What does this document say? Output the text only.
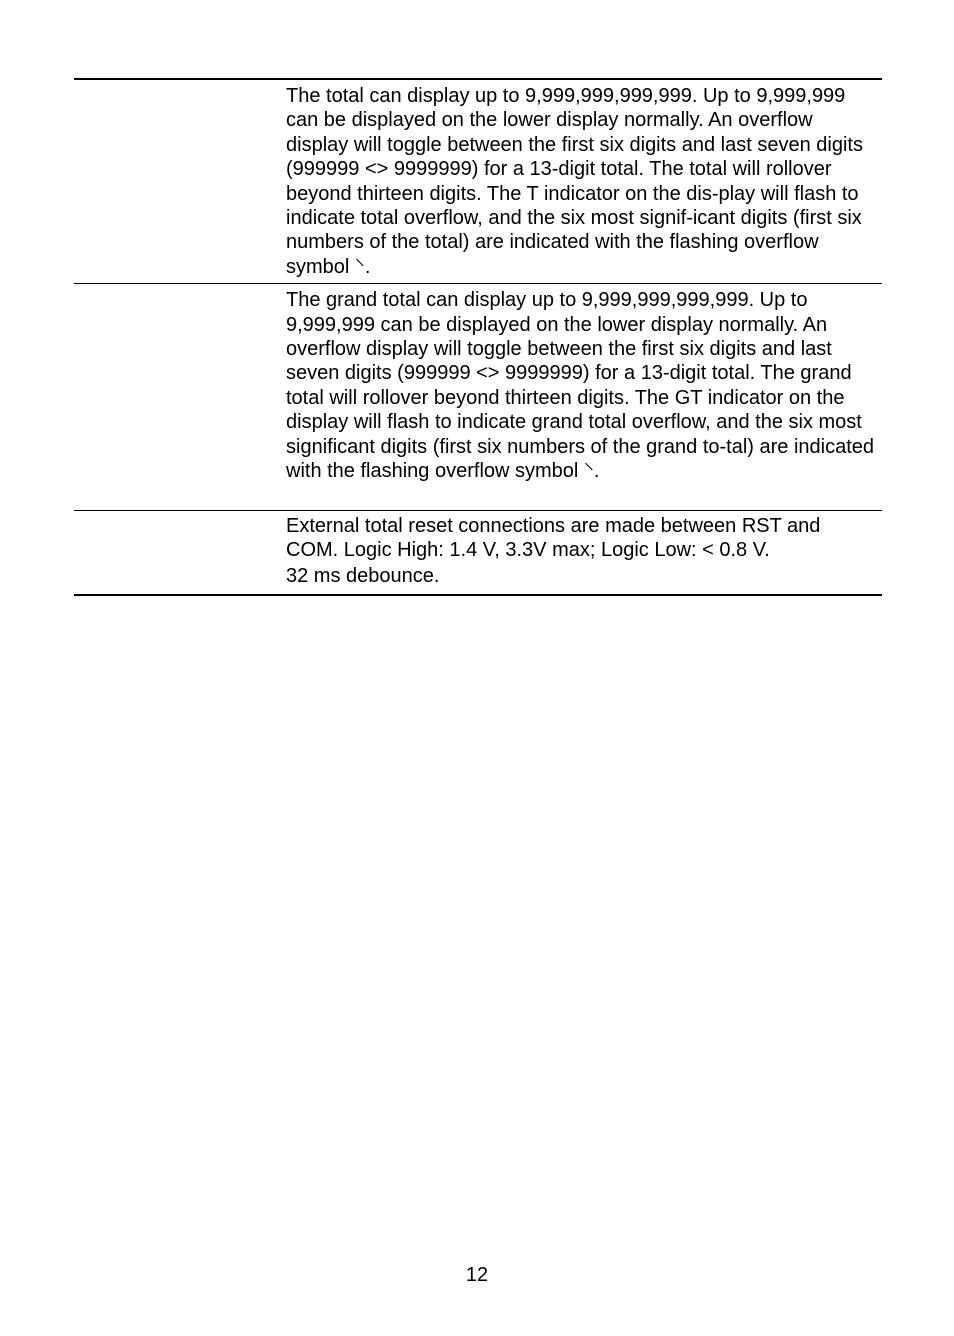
The total can display up to 9,999,999,999,999. Up to 9,999,999 can be displayed on the lower display normally. An overflow display will toggle between the first six digits and last seven digits (999999 <> 9999999) for a 13-digit total. The total will rollover beyond thirteen digits. The T indicator on the dis-play will flash to indicate total overflow, and the six most signif-icant digits (first six numbers of the total) are indicated with the flashing overflow symbol ⸌.

The grand total can display up to 9,999,999,999,999. Up to 9,999,999 can be displayed on the lower display normally. An overflow display will toggle between the first six digits and last seven digits (999999 <> 9999999) for a 13-digit total. The grand total will rollover beyond thirteen digits. The GT indicator on the display will flash to indicate grand total overflow, and the six most significant digits (first six numbers of the grand to-tal) are indicated with the flashing overflow symbol ⸌.

External total reset connections are made between RST and COM. Logic High: 1.4 V, 3.3V max; Logic Low: < 0.8 V.
32 ms debounce.
12
